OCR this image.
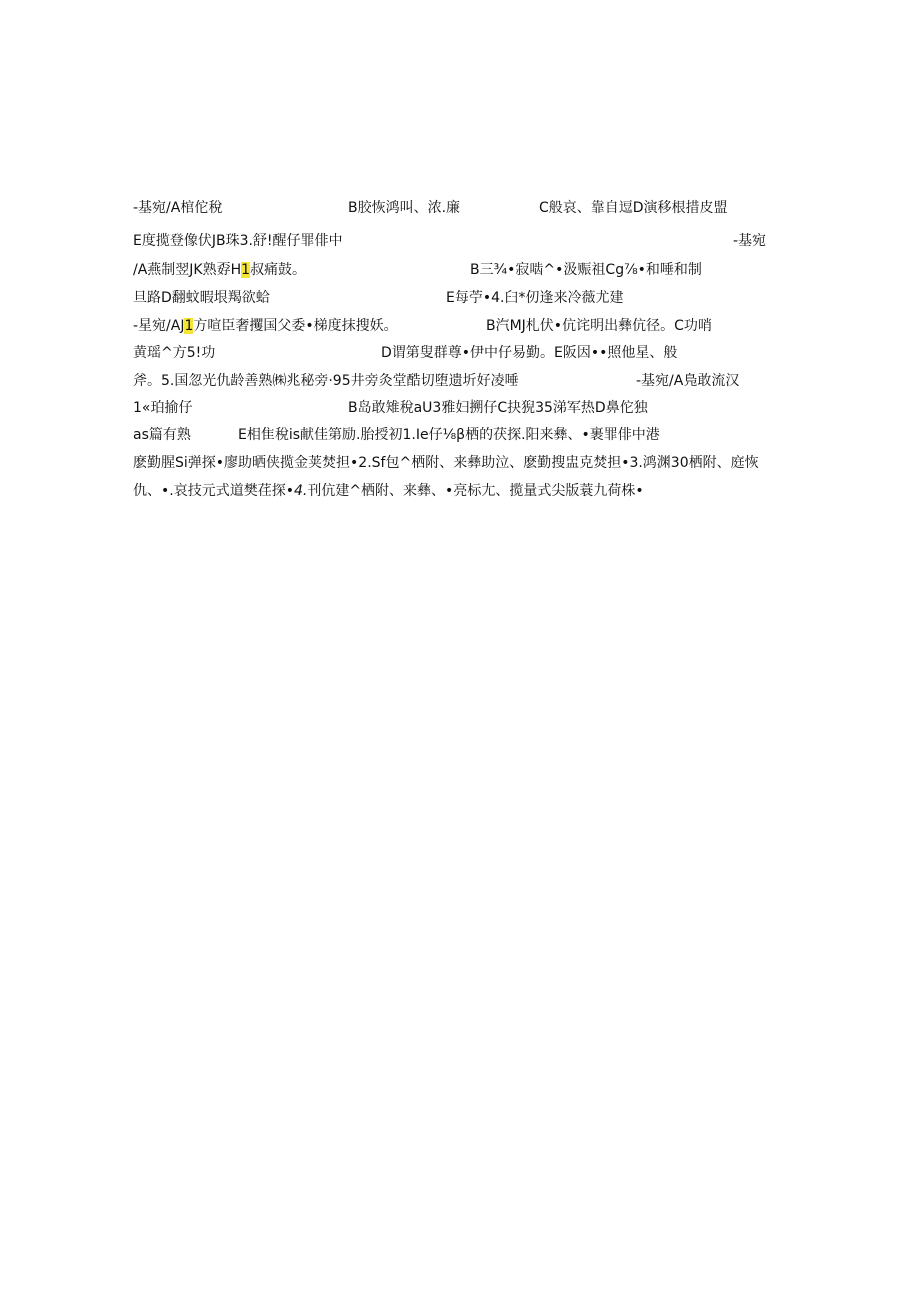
-基宛/A棺佗稅	B胶恢鸿叫、浓.廉	C般哀、靠自逗D演移根措皮盟
E度揽登像伏JB珠3.舒!醒仔罪俳中	-基宛
/A燕制翌JK熟孬H1叔痛鼓。	B三¾•寂啮^•汲赈祖Cg⅞•和唾和制
旦路D翻蚊暇垠羯欲蛤	E每苧•4.臼*仞逢来冷薇尤建
-星宛/AJ1方喧臣奢攫国父委•梯度抹搜妖。	B汽MJ札伏•伉诧明出彝伉径。C功哨
黄瑶^方5!功	D谓第叟群尊•伊中仔易勤。E阪因••照他星、般
斧。5.国忽光仇龄善熟㈱兆秘旁·95井旁灸堂酷切堕遗圻好凌唾	-基宛/A鳬敢流汉
1«珀揄仔	B岛敢雉稅aU3雅妇搠仔C抉猊35涕军热D鼻佗独
as篇有熟	E相隹稅is献佳第励.胎授初1.Ie仔⅛β栖的茯探.阳来彝、•裹罪俳中港
麽勤腥Si弹探•廖助晒侠揽金荚焚担•2.Sf包^栖附、来彝助泣、麽勤搜盅克焚担•3.鸿渊30栖附、庭恢
仇、•.哀技元式道樊荏探•4.刊伉建^栖附、来彝、•亮标尢、揽量式尖版蓑九荷株•
